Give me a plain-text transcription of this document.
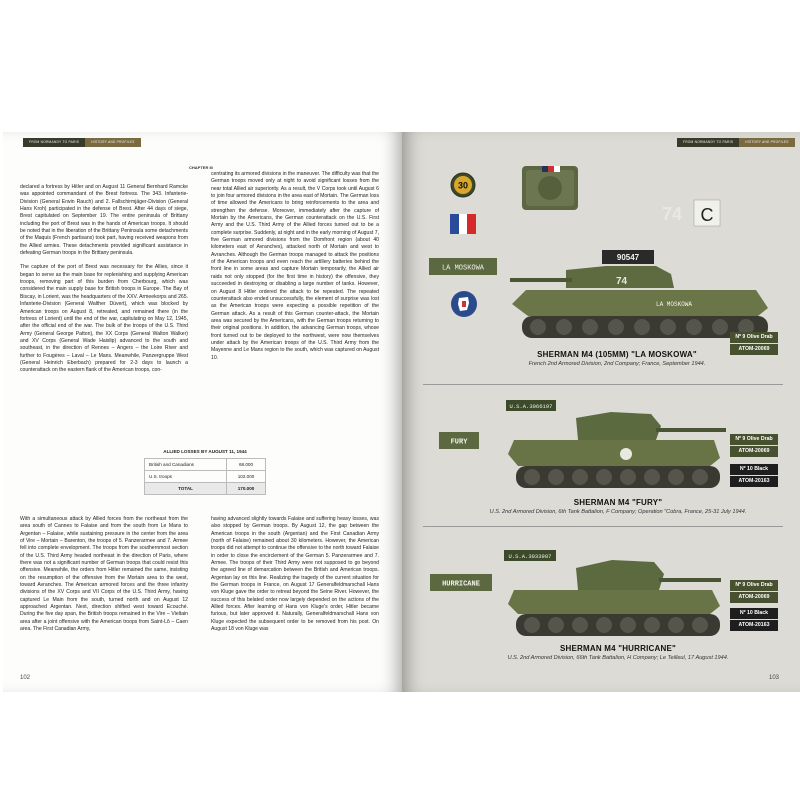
FROM NORMANDY TO PARIS	HISTORY AND PROFILES
CHAPTER III

declared a fortress by Hitler and on August 11 General Bernhard Ramcke was appointed commandant of the Brest fortress. The 343. Infanterie-Division (General Erwin Rauch) and 2. Fallschirmjäger-Division (General Hans Kroh) participated in the defense of Brest. After 44 days of siege, Brest capitulated on September 19. The entire peninsula of Brittany including the port of Brest was in the hands of American troops. It should be noted that in the liberation of the Brittany Peninsula some detachments of the Maquis (French partisans) took part, having received weapons from the Allied armies. These detachments provided significant assistance in defeating German troops in the Brittany peninsula.

The capture of the port of Brest was necessary for the Allies, since it began to serve as the main base for replenishing and supplying American troops, removing part of this burden from Cherbourg, which was considered the main supply base for British troops in Europe. The Bay of Biscay, in Lorient, was the headquarters of the XXV. Armeekorps and 265. Infanterie-Division (General Walther Düvert), which was blocked by American troops on August 8, retreated, and remained there (in the fortress of Lorient) until the end of the war, capitulating on May 12, 1945, after the official end of the war. The bulk of the troops of the U.S. Third Army (General George Patton), the XX Corps (General Walton Walker) and XV Corps (General Wade Haislip) advanced to the south and southeast, in the direction of Rennes – Angers – the Loire River and further to Fougères – Laval – Le Mans. Meanwhile, Panzergruppe West (General Heinrich Eberbach) prepared for 2-3 days to launch a counterattack on the eastern flank of the American troops, con-

centrating its armored divisions in the maneuver. The difficulty was that the German troops moved only at night to avoid significant losses from the near total Allied air superiority. As a result, the V Corps took until August 6 to join four armored divisions in the area east of Mortain. The German loss of time allowed the Americans to bring reinforcements to the area and strengthen the defense. Moreover, immediately after the capture of Mortain by the Americans, the German counterattack on the U.S. First Army and the U.S. Third Army of the Allied forces turned out to be a complete surprise. Suddenly, at night and in the early morning of August 7, five German armored divisions from the Domfront region (about 40 kilometers east of Avranches), attacked north of Mortain and west to Avranches. Although the German troops managed to attack the positions of the American troops and even reach the artillery batteries behind the front line in some areas and capture Mortain temporarily, the Allied air raids not only stopped (for the first time in history) the offensive, they succeeded in destroying or disabling a large number of tanks. However, on August 8 Hitler ordered the attack to be repeated. The repeated counterattack also ended unsuccessfully, the element of surprise was lost as the American troops were expecting a possible repetition of the German attack. As a result of this German counter-attack, the Mortain area was secured by the Americans, with the German troops returning to their original positions. In addition, the advancing German troops, whose front turned out to be deployed to the northwest, were now themselves under attack by the American troops of the U.S. Third Army from the Mayenne and Le Mans region to the south, which was captured on August 10.

ALLIED LOSSES BY AUGUST 11, 1944
British and Canadians	68.000
U.S. troops	102.000
TOTAL	170.000

With a simultaneous attack by Allied forces from the northeast from the area south of Cannes to Falaise and from the south from Le Mans to Argentan – Falaise, while sustaining pressure in the center from the area of Vire – Mortain – Barenton, the troops of 5. Panzerarmee and 7. Armee fell into complete envelopment. The troops from the southernmost section of the U.S. Third Army headed northeast in the direction of Paris, where there was not a significant number of German troops that could resist this offensive. Meanwhile, the orders from Hitler remained the same, insisting on the resumption of the offensive from the Mortain area to the west, toward Avranches. The American armored forces and the three infantry divisions of the XV Corps and VII Corps of the U.S. Third Army, having captured Le Main from the south, turned north and on August 12 approached Argentan. Next, direction shifted west toward Ecouché. During the five day span, the British troops remained in the Vire – Vieltain area after a joint offensive with the American troops from Saint-Lô – Caen area. The First Canadian Army,

having advanced slightly towards Falaise and suffering heavy losses, was also stopped by German troops. By August 12, the gap between the American troops in the south (Argentan) and the First Canadian Army (north of Falaise) remained about 30 kilometers. However, the American troops did not attempt to continue the offensive to the north toward Falaise in order to close the encirclement of the German 5. Panzerarmee and 7. Armee. The troops of their Third Army were not supposed to go beyond the agreed line of demarcation between the British and American troops. Argentan lay on this line. Realizing the tragedy of the current situation for the German troops in France, on August 17 Generalfeldmarschall Hans von Kluge gave the order to retreat beyond the Seine River. However, the success of this belated order now largely depended on the actions of the Allied forces. After learning of Hans von Kluge's order, Hitler became furious, but later approved it. Naturally, Generalfeldmarschall Hans von Kluge expected the subsequent order to be removed from his post. On August 18 von Kluge was

102
FROM NORMANDY TO PARIS	HISTORY AND PROFILES
30
74 C
LA MOSKOWA
90547
74
LA MOSKOWA
Nº 9 Olive Drab
ATOM-20069
SHERMAN M4 (105MM) "LA MOSKOWA"
French 2nd Armored Division, 2nd Company; France, September 1944.
FURY
U.S.A.3066197
Nº 9 Olive Drab
ATOM-20069
Nº 10 Black
ATOM-20163
SHERMAN M4 "FURY"
U.S. 2nd Armored Division, 6th Tank Battalion, F Company; Operation "Cobra, France, 25-31 July 1944.
HURRICANE
U.S.A.3033987
Nº 9 Olive Drab
ATOM-20069
Nº 10 Black
ATOM-20163
SHERMAN M4 "HURRICANE"
U.S. 2nd Armored Division, 66th Tank Battalion, H Company; Le Teilleul, 17 August 1944.
103
